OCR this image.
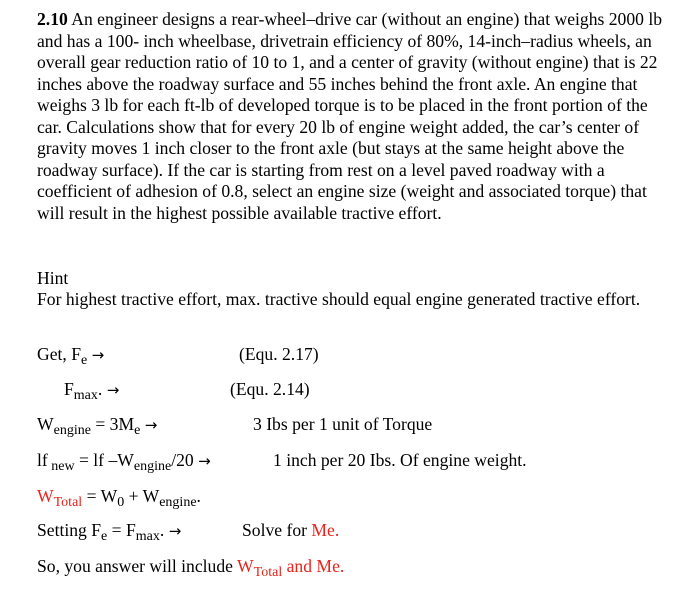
2.10 An engineer designs a rear-wheel–drive car (without an engine) that weighs 2000 lb and has a 100- inch wheelbase, drivetrain efficiency of 80%, 14-inch–radius wheels, an overall gear reduction ratio of 10 to 1, and a center of gravity (without engine) that is 22 inches above the roadway surface and 55 inches behind the front axle. An engine that weighs 3 lb for each ft-lb of developed torque is to be placed in the front portion of the car. Calculations show that for every 20 lb of engine weight added, the car’s center of gravity moves 1 inch closer to the front axle (but stays at the same height above the roadway surface). If the car is starting from rest on a level paved roadway with a coefficient of adhesion of 0.8, select an engine size (weight and associated torque) that will result in the highest possible available tractive effort.
Hint
For highest tractive effort, max. tractive should equal engine generated tractive effort.
Get, $F_e$ →	(Equ. 2.17)
$F_{max}$. →	(Equ. 2.14)
$W_{engine} = 3M_e$ →	3 Ibs per 1 unit of Torque
lf $_{new}$ = lf $-W_{engine}/20$ →	1 inch per 20 Ibs. Of engine weight.
$W_{Total} = W_0 + W_{engine}$.
Setting $F_e = F_{max}$. →	Solve for Me.
So, you answer will include $W_{Total}$ and Me.
